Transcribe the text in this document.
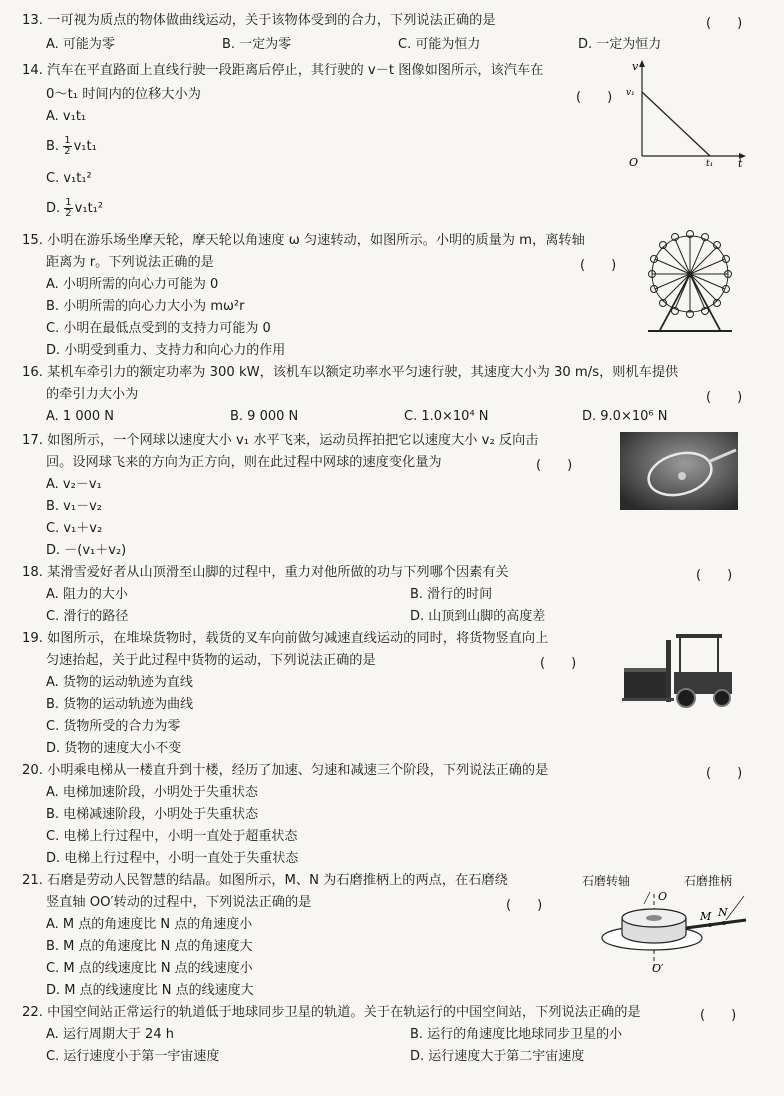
13. 一可视为质点的物体做曲线运动，关于该物体受到的合力，下列说法正确的是	(　　)
A. 可能为零	B. 一定为零	C. 可能为恒力	D. 一定为恒力
14. 汽车在平直路面上直线行驶一段距离后停止，其行驶的 v－t 图像如图所示，该汽车在
0～t₁ 时间内的位移大小为	(　　)
A. v₁t₁
B. $\frac{1}{2} v_1t_1$
C. v₁t₁²
D. $\frac{1}{2} v_1t_1^2$
v
v₁
O	t₁ t
15. 小明在游乐场坐摩天轮，摩天轮以角速度 ω 匀速转动，如图所示。小明的质量为 m，离转轴
距离为 r。下列说法正确的是	(　　)
A. 小明所需的向心力可能为 0
B. 小明所需的向心力大小为 mω²r
C. 小明在最低点受到的支持力可能为 0
D. 小明受到重力、支持力和向心力的作用
16. 某机车牵引力的额定功率为 300 kW，该机车以额定功率水平匀速行驶，其速度大小为 30 m/s，则机车提供
的牵引力大小为	(　　)
A. 1 000 N	B. 9 000 N	C. 1.0×10⁴ N	D. 9.0×10⁶ N
17. 如图所示，一个网球以速度大小 v₁ 水平飞来，运动员挥拍把它以速度大小 v₂ 反向击
回。设网球飞来的方向为正方向，则在此过程中网球的速度变化量为	(　　)
A. v₂－v₁
B. v₁－v₂
C. v₁＋v₂
D. －(v₁＋v₂)
18. 某滑雪爱好者从山顶滑至山脚的过程中，重力对他所做的功与下列哪个因素有关	(　　)
A. 阻力的大小	B. 滑行的时间
C. 滑行的路径	D. 山顶到山脚的高度差
19. 如图所示，在堆垛货物时，载货的叉车向前做匀减速直线运动的同时，将货物竖直向上
匀速抬起，关于此过程中货物的运动，下列说法正确的是	(　　)
A. 货物的运动轨迹为直线
B. 货物的运动轨迹为曲线
C. 货物所受的合力为零
D. 货物的速度大小不变
20. 小明乘电梯从一楼直升到十楼，经历了加速、匀速和减速三个阶段，下列说法正确的是	(　　)
A. 电梯加速阶段，小明处于失重状态
B. 电梯减速阶段，小明处于失重状态
C. 电梯上行过程中，小明一直处于超重状态
D. 电梯上行过程中，小明一直处于失重状态
21. 石磨是劳动人民智慧的结晶。如图所示，M、N 为石磨推柄上的两点，在石磨绕
竖直轴 OO′转动的过程中，下列说法正确的是	(　　)
A. M 点的角速度比 N 点的角速度小
B. M 点的角速度比 N 点的角速度大
C. M 点的线速度比 N 点的线速度小
D. M 点的线速度比 N 点的线速度大
石磨转轴	石磨推柄
O
O′
M N
22. 中国空间站正常运行的轨道低于地球同步卫星的轨道。关于在轨运行的中国空间站，下列说法正确的是	(　　)
A. 运行周期大于 24 h	B. 运行的角速度比地球同步卫星的小
C. 运行速度小于第一宇宙速度	D. 运行速度大于第二宇宙速度
